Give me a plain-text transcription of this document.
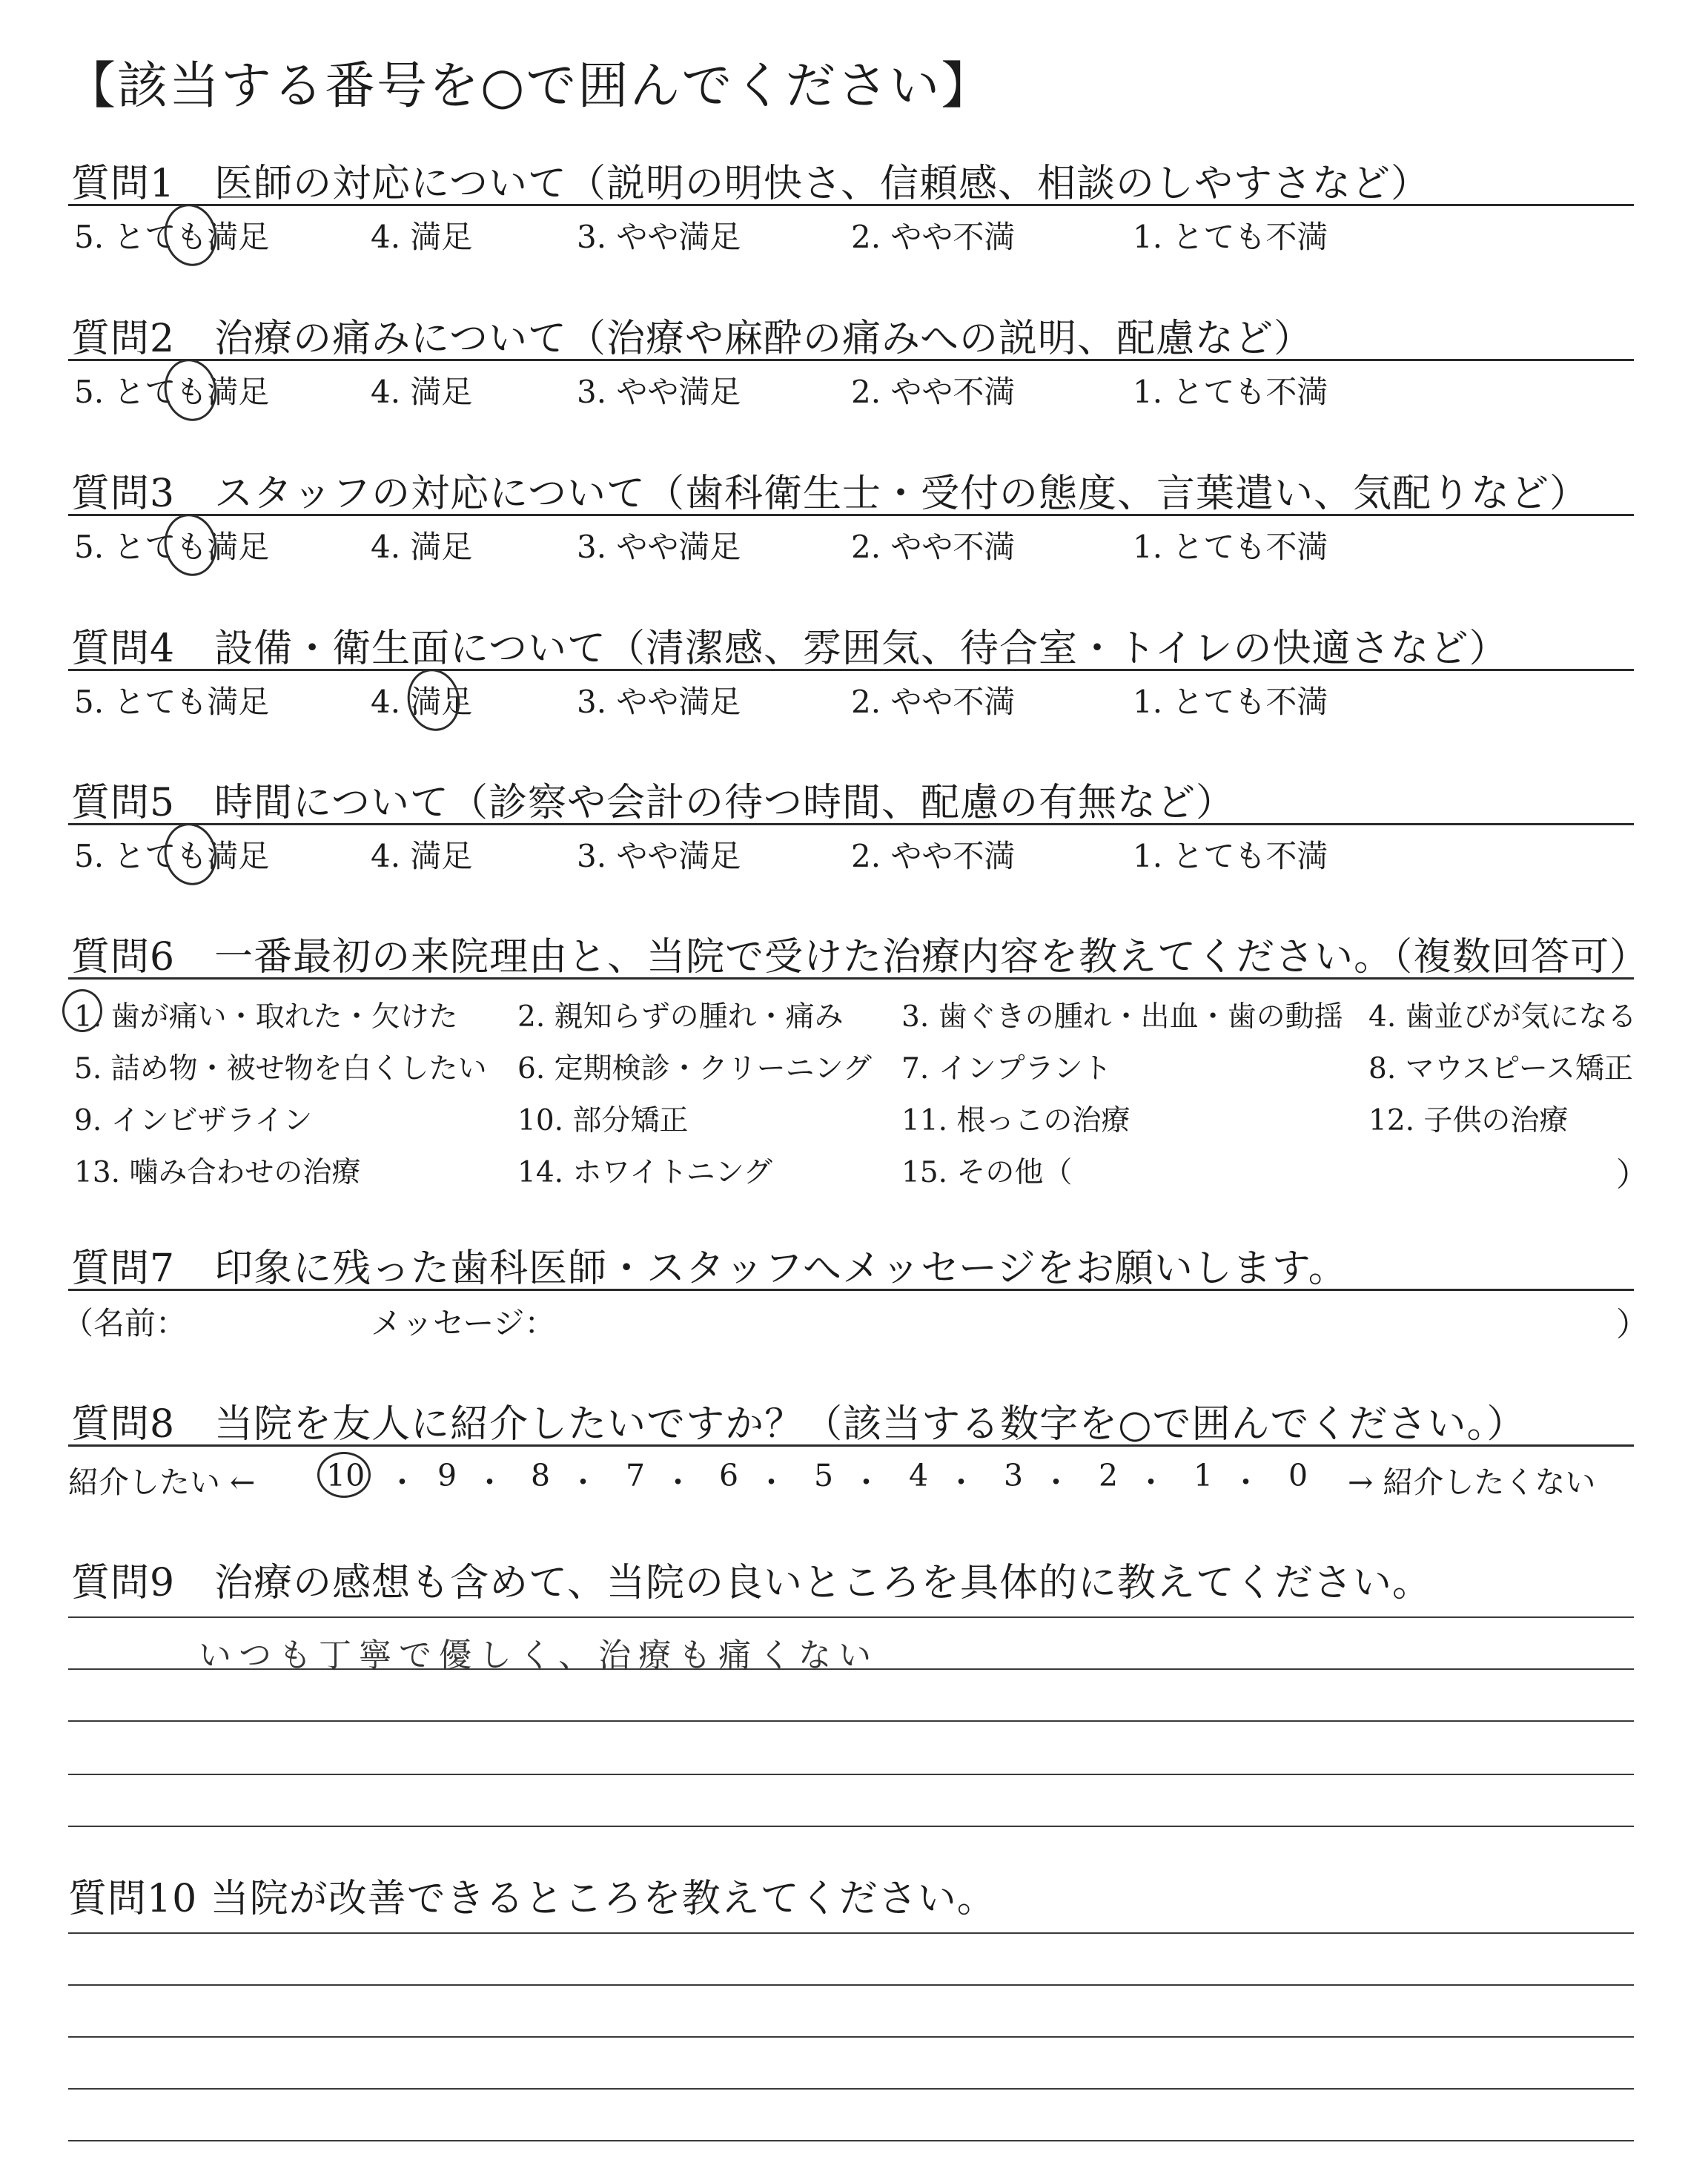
【該当する番号を○で囲んでください】
質問1　医師の対応について（説明の明快さ、信頼感、相談のしやすさなど）
5. とても満足	4. 満足	3. やや満足	2. やや不満	1. とても不満
質問2　治療の痛みについて（治療や麻酔の痛みへの説明、配慮など）
5. とても満足	4. 満足	3. やや満足	2. やや不満	1. とても不満
質問3　スタッフの対応について（歯科衛生士・受付の態度、言葉遣い、気配りなど）
5. とても満足	4. 満足	3. やや満足	2. やや不満	1. とても不満
質問4　設備・衛生面について（清潔感、雰囲気、待合室・トイレの快適さなど）
5. とても満足	4. 満足	3. やや満足	2. やや不満	1. とても不満
質問5　時間について（診察や会計の待つ時間、配慮の有無など）
5. とても満足	4. 満足	3. やや満足	2. やや不満	1. とても不満
質問6　一番最初の来院理由と、当院で受けた治療内容を教えてください。（複数回答可）
1. 歯が痛い・取れた・欠けた 2. 親知らずの腫れ・痛み 3. 歯ぐきの腫れ・出血・歯の動揺 4. 歯並びが気になる
5. 詰め物・被せ物を白くしたい 6. 定期検診・クリーニング 7. インプラント	8. マウスピース矯正
9. インビザライン	10. 部分矯正	11. 根っこの治療	12. 子供の治療
13. 噛み合わせの治療	14. ホワイトニング	15. その他（	）
質問7　印象に残った歯科医師・スタッフへメッセージをお願いします。
（名前：	メッセージ：	）
質問8　当院を友人に紹介したいですか？（該当する数字を○で囲んでください。）
紹介したい ← 10 ・ 9 ・ 8 ・ 7 ・ 6 ・ 5 ・ 4 ・ 3 ・ 2 ・ 1 ・ 0 → 紹介したくない
質問9　治療の感想も含めて、当院の良いところを具体的に教えてください。
いつも丁寧で優しく、治療も痛くない
質問10 当院が改善できるところを教えてください。
